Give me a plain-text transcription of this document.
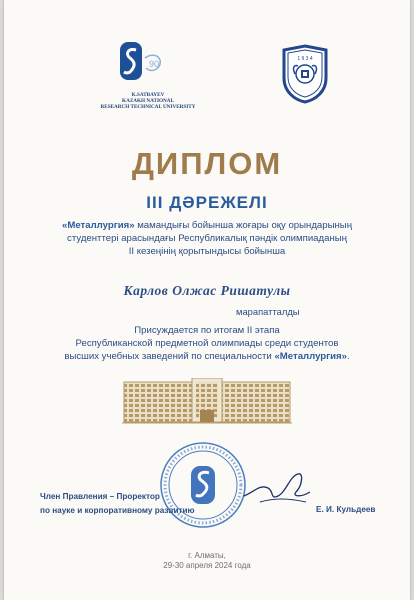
90
K.SATBAYEV
KAZAKH NATIONAL
RESEARCH TECHNICAL UNIVERSITY
1 9 3 4
ДИПЛОМ
III ДӘРЕЖЕЛІ
«Металлургия» мамандығы бойынша жоғары оқу орындарының
студенттері арасындағы Республикалық пәндік олимпиаданың
II кезеңінің қорытындысы бойынша
Карлов Олжас Ришатулы
марапатталды
Присуждается по итогам II этапа
Республиканской предметной олимпиады среди студентов
высших учебных заведений по специальности «Металлургия».
Член Правления – Проректор
по науке и корпоративному развитию	Е. И. Кульдеев
г. Алматы,
29-30 апреля 2024 года
